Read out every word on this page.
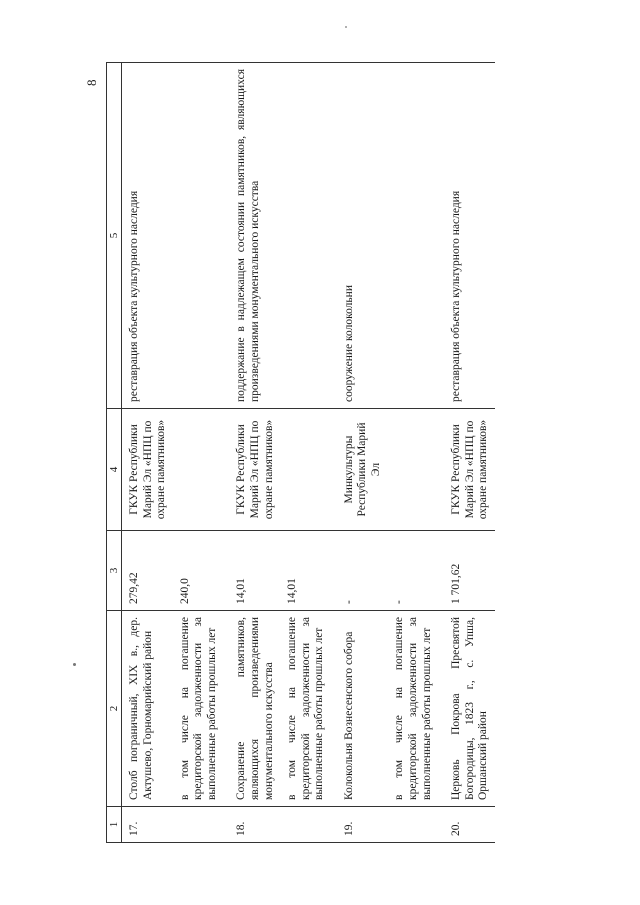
8
1	2	3	4	5
17.	Столб пограничный, XIX в., дер. Актушево, Горномарийский район	279,42	ГКУК Республики Марий Эл «НПЦ по охране памятников»	реставрация объекта культурного наследия
	в том числе на погашение кредиторской задолженности за выполненные работы прошлых лет	240,0		
18.	Сохранение памятников, являющихся произведениями монументального искусства	14,01	ГКУК Республики Марий Эл «НПЦ по охране памятников»	поддержание в надлежащем состоянии памятников, являющихся произведениями монументального искусства
	в том числе на погашение кредиторской задолженности за выполненные работы прошлых лет	14,01		
19.	Колокольня Вознесенского собора	-	Минкультуры Республики Марий Эл	сооружение колокольни
	в том числе на погашение кредиторской задолженности за выполненные работы прошлых лет	-		
20.	Церковь Покрова Пресвятой Богородицы, 1823 г., с. Упша, Оршанский район	1 701,62	ГКУК Республики Марий Эл «НПЦ по охране памятников»	реставрация объекта культурного наследия
